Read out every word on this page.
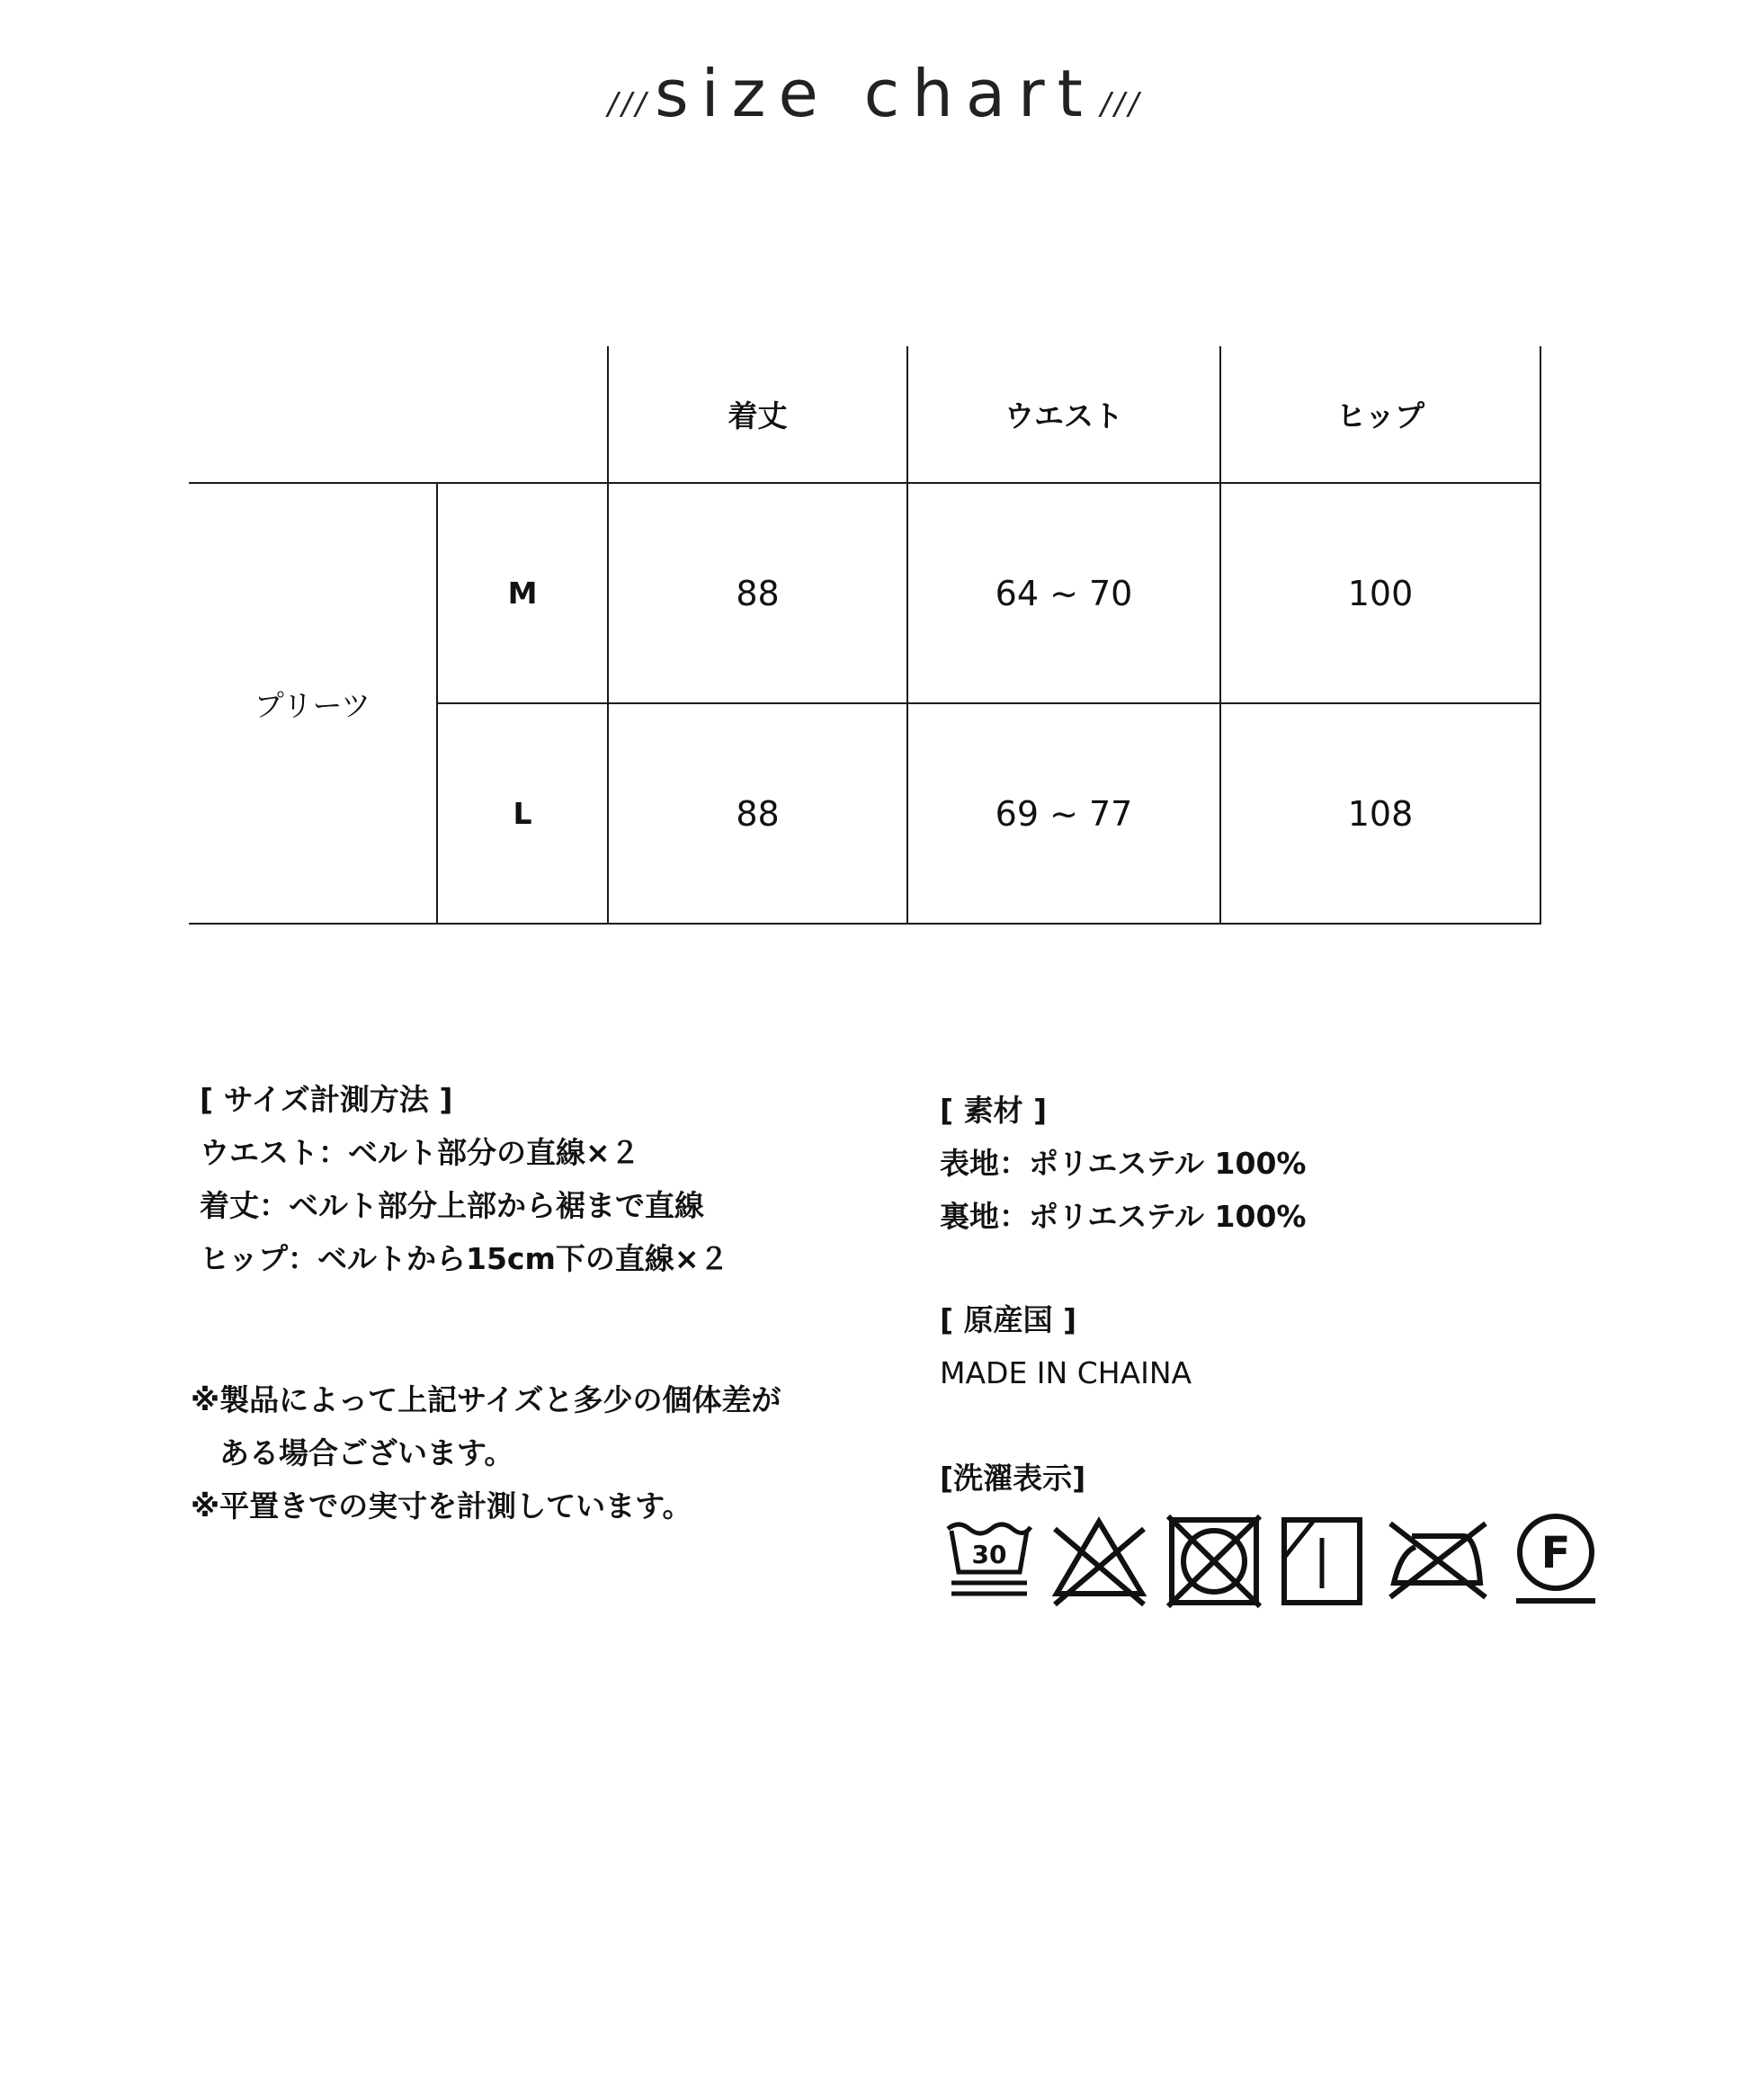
///size chart ///
		着丈	ウエスト	ヒップ
プリーツ	M	88	64 ~ 70	100
	L	88	69 ~ 77	108
[ サイズ計測方法 ]
ウエスト：ベルト部分の直線×２
着丈：ベルト部分上部から裾まで直線
ヒップ：ベルトから15cm下の直線×２
※製品によって上記サイズと多少の個体差が
ある場合ございます。
※平置きでの実寸を計測しています。
[ 素材 ]
表地：ポリエステル 100%
裏地：ポリエステル 100%
[ 原産国 ]
MADE IN CHAINA
[洗濯表示]
30	F
